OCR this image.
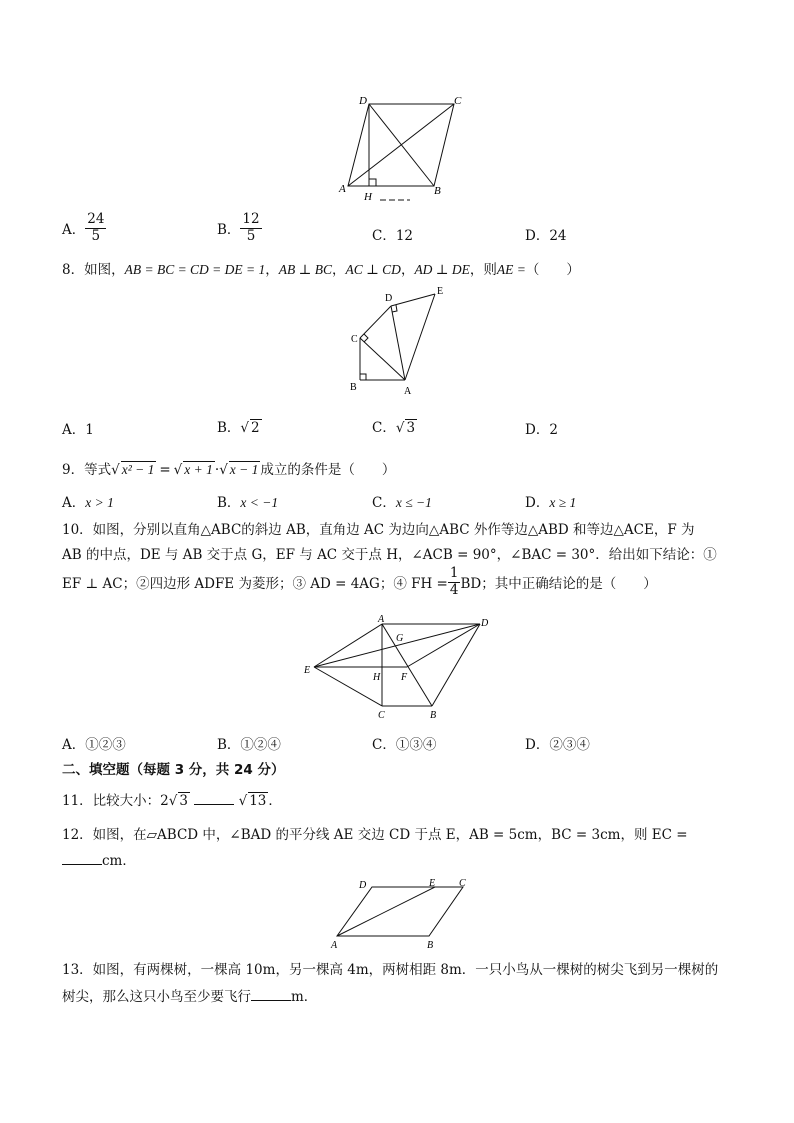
D	C
A	B
H
A． $\frac{24}{5}$	B． $\frac{12}{5}$	C．12	D．24
8．如图，AB = BC = CD = DE = 1，AB ⊥ BC，AC ⊥ CD，AD ⊥ DE，则AE =（　　）
D
E
C
B	A
A．1	B．√ 2	C．√ 3	D．2
9．等式√ x² − 1 = √ x + 1 ·√ x − 1 成立的条件是（　　）
A．x > 1	B．x < −1	C．x ≤ −1	D．x ≥ 1
10．如图，分别以直角△ABC的斜边 AB，直角边 AC 为边向△ABC 外作等边△ABD 和等边△ACE，F 为
AB 的中点，DE 与 AB 交于点 G，EF 与 AC 交于点 H，∠ACB = 90°，∠BAC = 30°．给出如下结论：①
EF ⊥ AC；②四边形 ADFE 为菱形；③ AD = 4AG；④ FH = $\frac{1}{4}$ BD；其中正确结论的是（　　）
A
G
D
E
H F
C	B
A．①②③	B．①②④	C．①③④	D．②③④
二、填空题（每题 3 分，共 24 分）
11．比较大小：2√ 3	√ 13 ．
12．如图，在▱ABCD 中，∠BAD 的平分线 AE 交边 CD 于点 E，AB = 5cm，BC = 3cm，则 EC =
cm．
D	E C
A	B
13．如图，有两棵树，一棵高 10m，另一棵高 4m，两树相距 8m．一只小鸟从一棵树的树尖飞到另一棵树的
树尖，那么这只小鸟至少要飞行	m．
